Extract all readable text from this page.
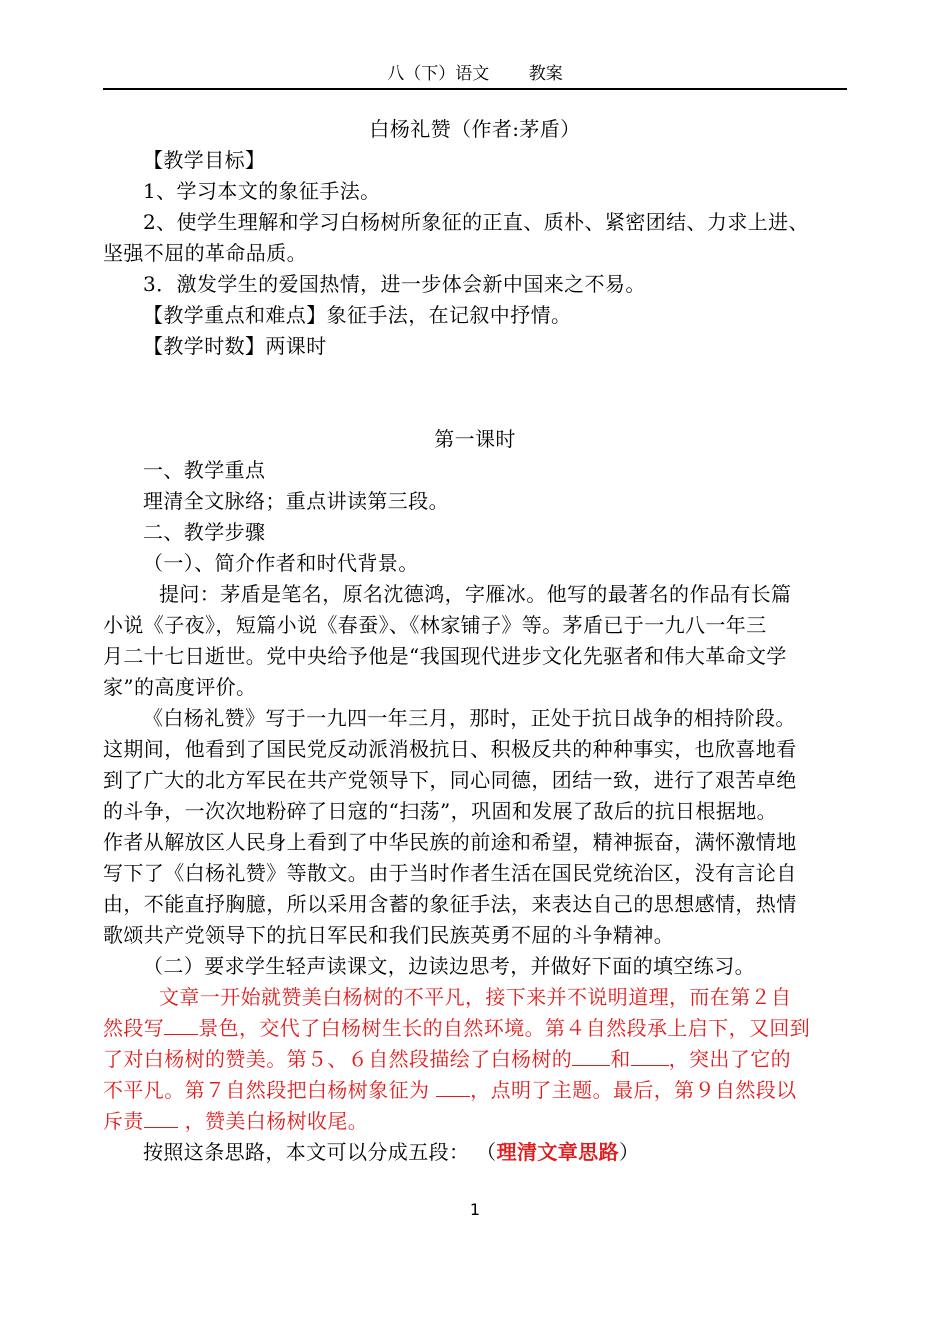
八（下）语文 教案
白杨礼赞（作者:茅盾）
【教学目标】
1、学习本文的象征手法。
2、使学生理解和学习白杨树所象征的正直、质朴、紧密团结、力求上进、
坚强不屈的革命品质。
3．激发学生的爱国热情，进一步体会新中国来之不易。
【教学重点和难点】象征手法，在记叙中抒情。
【教学时数】两课时
第一课时
一、教学重点
理清全文脉络；重点讲读第三段。
二、教学步骤
（一）、简介作者和时代背景。
提问：茅盾是笔名，原名沈德鸿，字雁冰。他写的最著名的作品有长篇
小说《子夜》，短篇小说《春蚕》、《林家铺子》等。茅盾已于一九八一年三
月二十七日逝世。党中央给予他是“我国现代进步文化先驱者和伟大革命文学
家”的高度评价。
《白杨礼赞》写于一九四一年三月，那时，正处于抗日战争的相持阶段。
这期间，他看到了国民党反动派消极抗日、积极反共的种种事实，也欣喜地看
到了广大的北方军民在共产党领导下，同心同德，团结一致，进行了艰苦卓绝
的斗争，一次次地粉碎了日寇的“扫荡”，巩固和发展了敌后的抗日根据地。
作者从解放区人民身上看到了中华民族的前途和希望，精神振奋，满怀激情地
写下了《白杨礼赞》等散文。由于当时作者生活在国民党统治区，没有言论自
由，不能直抒胸臆，所以采用含蓄的象征手法，来表达自己的思想感情，热情
歌颂共产党领导下的抗日军民和我们民族英勇不屈的斗争精神。
（二）要求学生轻声读课文，边读边思考，并做好下面的填空练习。
文章一开始就赞美白杨树的不平凡，接下来并不说明道理，而在第２自
然段写 景色，交代了白杨树生长的自然环境。第４自然段承上启下，又回到
了对白杨树的赞美。第５、６自然段描绘了白杨树的 和 ，突出了它的
不平凡。第７自然段把白杨树象征为 ，点明了主题。最后，第９自然段以
斥责 ，赞美白杨树收尾。
按照这条思路，本文可以分成五段： （理清文章思路）
1
